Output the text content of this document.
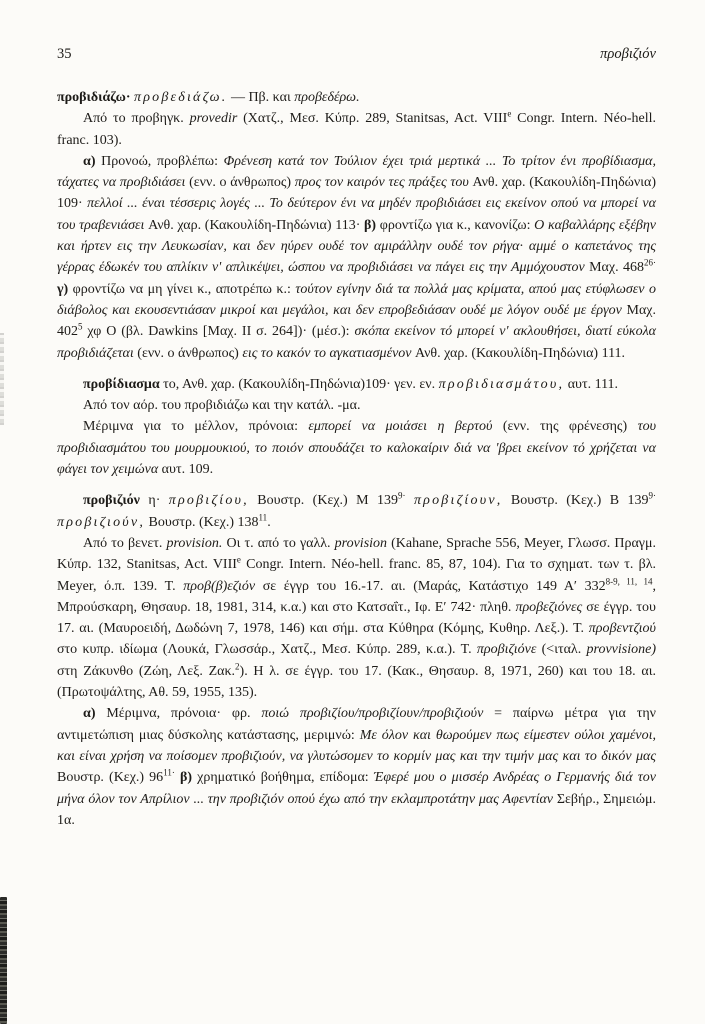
35	προβιζιόν

προβιδιάζω· προβεδιάζω. — Πβ. και προβεδέρω.

Από το προβηγκ. provedir (Χατζ., Μεσ. Κύπρ. 289, Stanitsas, Act. VIIIe Congr. Intern. Néo-hell. franc. 103).

α) Προνοώ, προβλέπω: Φρένεση κατά τον Τούλιον έχει τριά μερτικά ... Το τρίτον ένι προβίδιασμα, τάχατες να προβιδιάσει (ενν. ο άνθρωπος) προς τον καιρόν τες πράξες του Ανθ. χαρ. (Κακουλίδη-Πηδώνια) 109· πελλοί ... έναι τέσσερις λογές ... Το δεύτερον ένι να μηδέν προβιδιάσει εις εκείνον οπού να μπορεί να του τραβενιάσει Ανθ. χαρ. (Κακουλίδη-Πηδώνια) 113· β) φροντίζω για κ., κανονίζω: Ο καβαλλάρης εξέβην και ήρτεν εις την Λευκωσίαν, και δεν ηύρεν ουδέ τον αμιράλλην ουδέ τον ρήγα· αμμέ ο καπετάνος της γέρρας έδωκέν του απλίκιν ν' απλικέψει, ώσπου να προβιδιάσει να πάγει εις την Αμμόχουστον Μαχ. $468^{26\cdot}$ γ) φροντίζω να μη γίνει κ., αποτρέπω κ.: τούτον εγίνην διά τα πολλά μας κρίματα, απού μας ετύφλωσεν ο διάβολος και εκουσεντιάσαν μικροί και μεγάλοι, και δεν επροβεδιάσαν ουδέ με λόγον ουδέ με έργον Μαχ. $402^5$ χφ Ο (βλ. Dawkins [Μαχ. II σ. 264])· (μέσ.): σκόπα εκείνον τό μπορεί ν' ακλουθήσει, διατί εύκολα προβιδιάζεται (ενν. ο άνθρωπος) εις το κακόν το αγκατιασμένον Ανθ. χαρ. (Κακουλίδη-Πηδώνια) 111.

προβίδιασμα το, Ανθ. χαρ. (Κακουλίδη-Πηδώνια)109· γεν. εν. προβιδιασμάτου, αυτ. 111.

Από τον αόρ. του προβιδιάζω και την κατάλ. -μα.

Μέριμνα για το μέλλον, πρόνοια: εμπορεί να μοιάσει η βερτού (ενν. της φρένεσης) του προβιδιασμάτου του μουρμουκιού, το ποιόν σπουδάζει το καλοκαίριν διά να 'βρει εκείνον τό χρήζεται να φάγει τον χειμώνα αυτ. 109.

προβιζιόν η· προβιζίου, Βουστρ. (Κεχ.) Μ $139^{9\cdot}$ προβιζίουν, Βουστρ. (Κεχ.) Β $139^{9\cdot}$ προβιζιούν, Βουστρ. (Κεχ.) $138^{11}$.

Από το βενετ. provision. Οι τ. από το γαλλ. provision (Kahane, Sprache 556, Meyer, Γλωσσ. Πραγμ. Κύπρ. 132, Stanitsas, Act. VIIIe Congr. Intern. Néo-hell. franc. 85, 87, 104). Για το σχηματ. των τ. βλ. Meyer, ό.π. 139. Τ. προβ(β)εζιόν σε έγγρ του 16.-17. αι. (Μαράς, Κατάστιχο 149 Α′ 332$^{8-9, 11, 14}$, Μπρούσκαρη, Θησαυρ. 18, 1981, 314, κ.α.) και στο Κατσαΐτ., Ιφ. Ε′ 742· πληθ. προβεζιόνες σε έγγρ. του 17. αι. (Μαυροειδή, Δωδώνη 7, 1978, 146) και σήμ. στα Κύθηρα (Κόμης, Κυθηρ. Λεξ.). Τ. προβεντζιού στο κυπρ. ιδίωμα (Λουκά, Γλωσσάρ., Χατζ., Μεσ. Κύπρ. 289, κ.α.). Τ. προβιζιόνε (<ιταλ. provvisione) στη Ζάκυνθο (Ζώη, Λεξ. Ζακ.$^2$). Η λ. σε έγγρ. του 17. (Κακ., Θησαυρ. 8, 1971, 260) και του 18. αι. (Πρωτοψάλτης, Αθ. 59, 1955, 135).

α) Μέριμνα, πρόνοια· φρ. ποιώ προβιζίου/προβιζίουν/προβιζιούν = παίρνω μέτρα για την αντιμετώπιση μιας δύσκολης κατάστασης, μεριμνώ: Με όλον και θωρούμεν πως είμεστεν ούλοι χαμένοι, και είναι χρήση να ποίσομεν προβιζιούν, να γλυτώσομεν το κορμίν μας και την τιμήν μας και το δικόν μας Βουστρ. (Κεχ.) $96^{11\cdot}$ β) χρηματικό βοήθημα, επίδομα: Έφερέ μου ο μισσέρ Ανδρέας ο Γερμανής διά τον μήνα όλον τον Απρίλιον ... την προβιζιόν οπού έχω από την εκλαμπροτάτην μας Αφεντίαν Σεβήρ., Σημειώμ. 1α.
